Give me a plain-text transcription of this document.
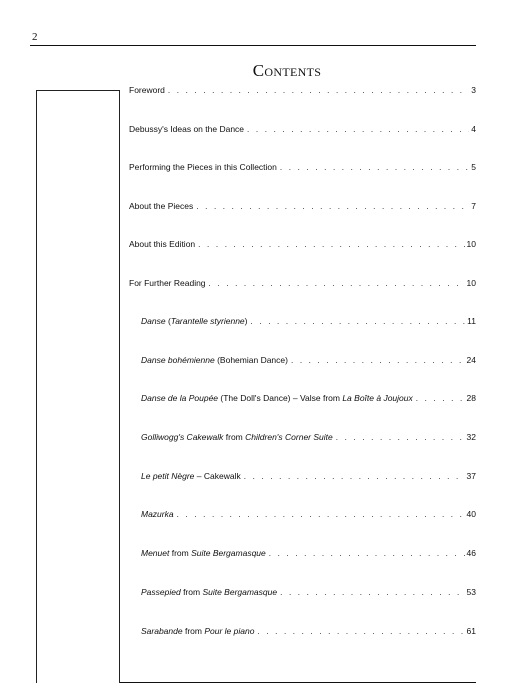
2
Contents
Foreword . . .	3
Debussy's Ideas on the Dance . . .	4
Performing the Pieces in this Collection . . .	5
About the Pieces . . .	7
About this Edition . . .	10
For Further Reading . . .	10
Danse (Tarantelle styrienne) . . .	11
Danse bohémienne (Bohemian Dance) . . .	24
Danse de la Poupée (The Doll's Dance) – Valse from La Boîte à Joujoux . . .	28
Golliwogg's Cakewalk from Children's Corner Suite . . .	32
Le petit Nègre – Cakewalk . . .	37
Mazurka . . .	40
Menuet from Suite Bergamasque . . .	46
Passepied from Suite Bergamasque . . .	53
Sarabande from Pour le piano . . .	61
